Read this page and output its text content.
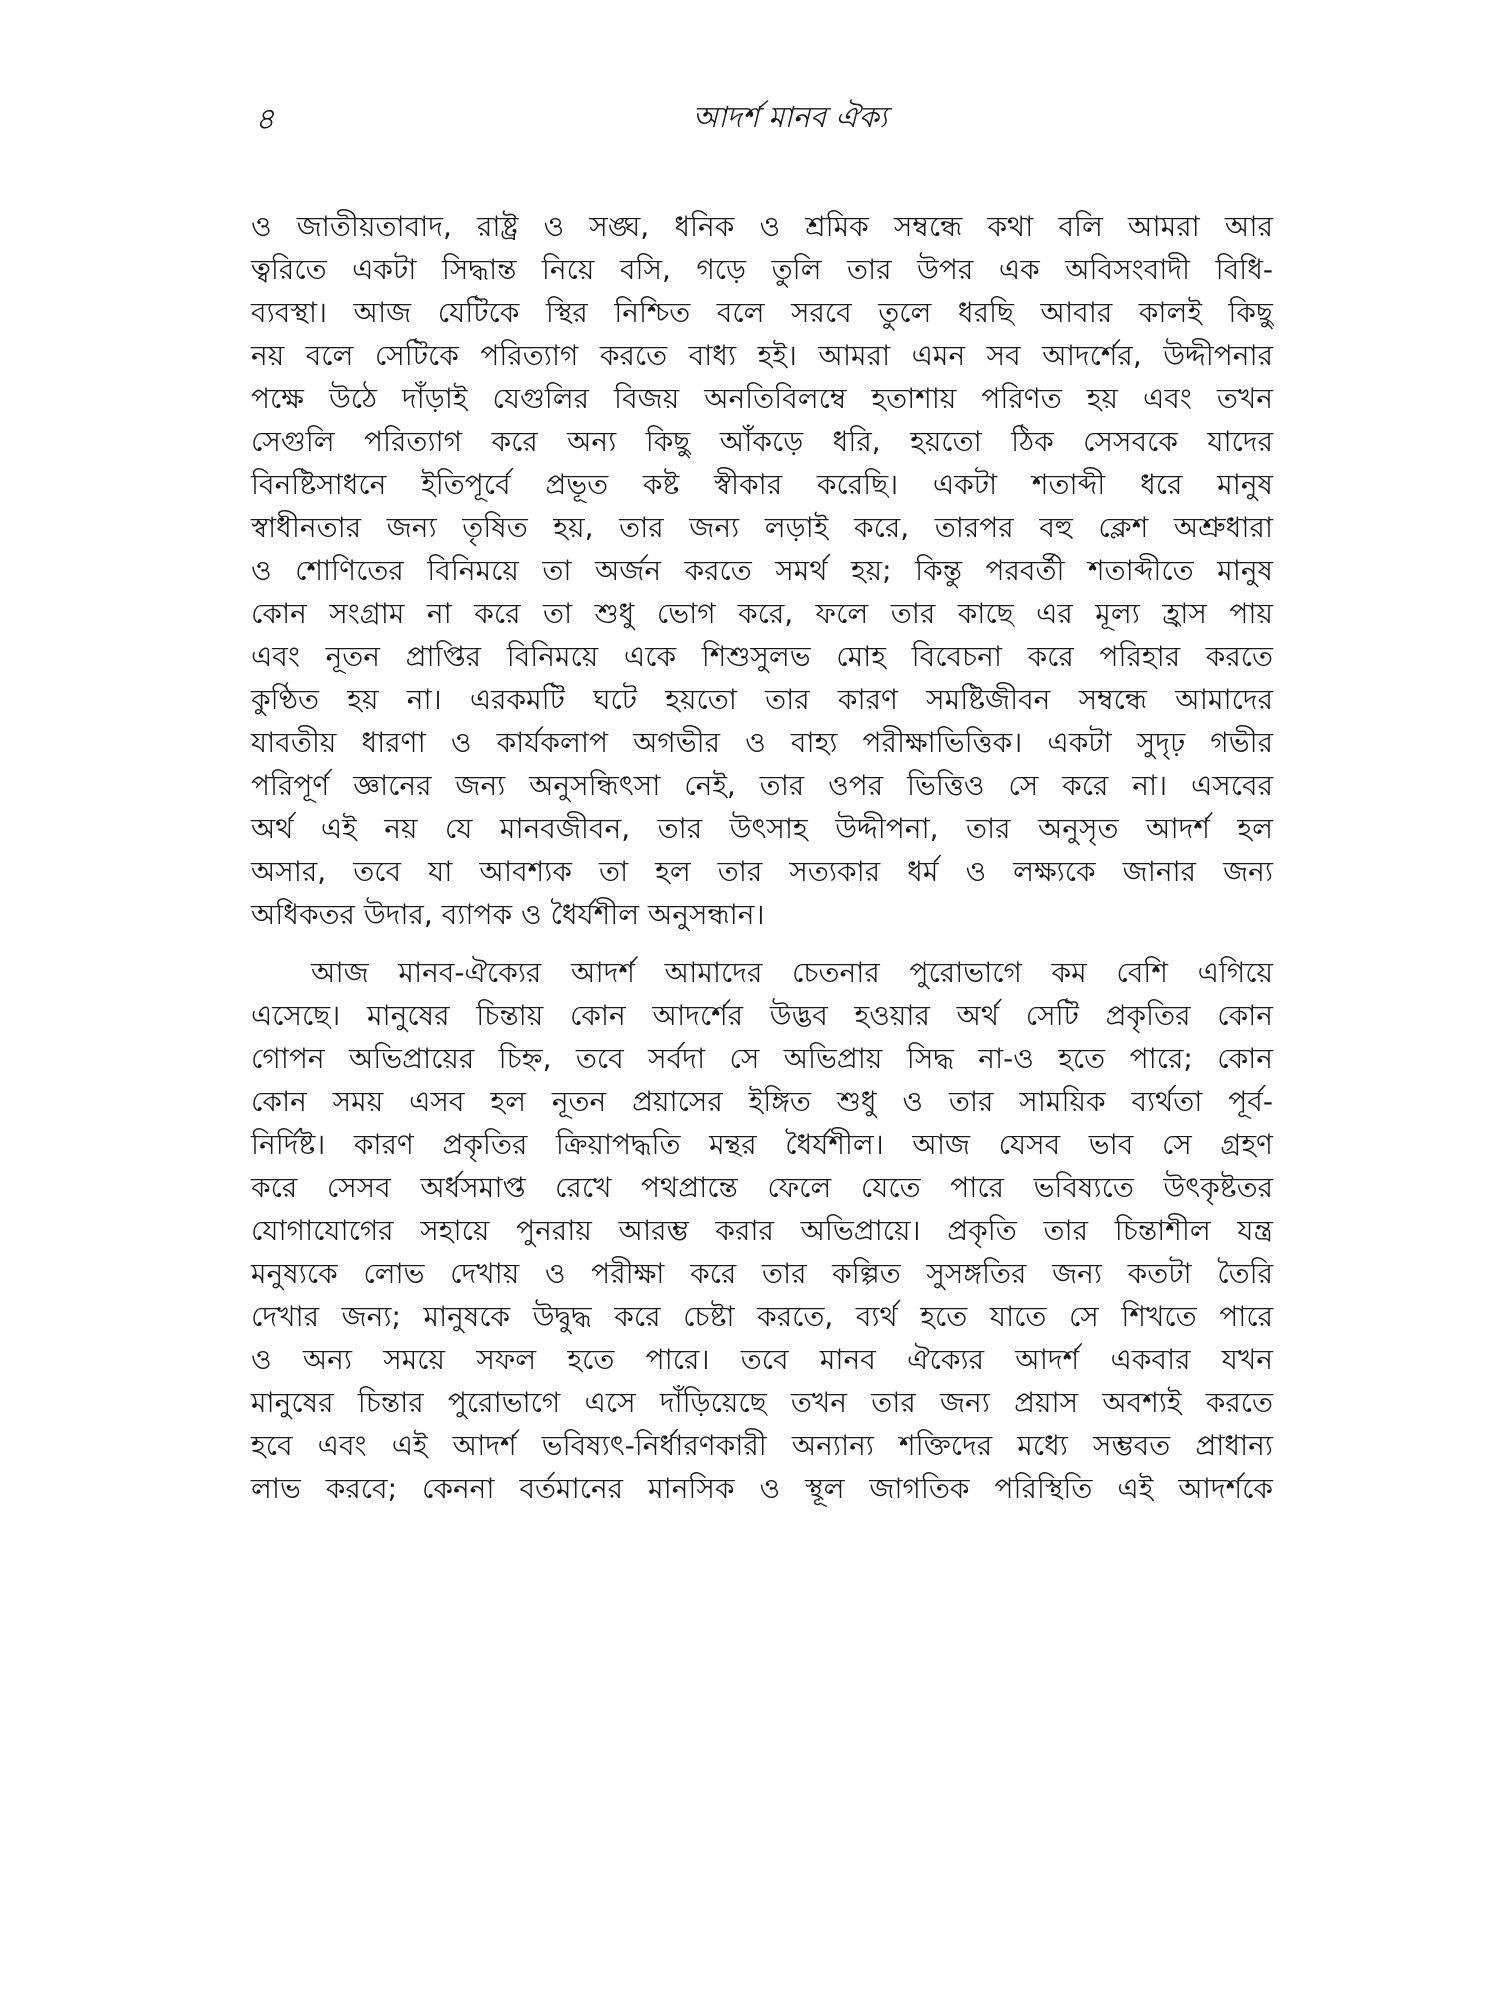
৪	আদর্শ মানব ঐক্য
ও জাতীয়তাবাদ, রাষ্ট্র ও সঙ্ঘ, ধনিক ও শ্রমিক সম্বন্ধে কথা বলি আমরা আর
ত্বরিতে একটা সিদ্ধান্ত নিয়ে বসি, গড়ে তুলি তার উপর এক অবিসংবাদী বিধি-
ব্যবস্থা। আজ যেটিকে স্থির নিশ্চিত বলে সরবে তুলে ধরছি আবার কালই কিছু
নয় বলে সেটিকে পরিত্যাগ করতে বাধ্য হই। আমরা এমন সব আদর্শের, উদ্দীপনার
পক্ষে উঠে দাঁড়াই যেগুলির বিজয় অনতিবিলম্বে হতাশায় পরিণত হয় এবং তখন
সেগুলি পরিত্যাগ করে অন্য কিছু আঁকড়ে ধরি, হয়তো ঠিক সেসবকে যাদের
বিনষ্টিসাধনে ইতিপূর্বে প্রভূত কষ্ট স্বীকার করেছি। একটা শতাব্দী ধরে মানুষ
স্বাধীনতার জন্য তৃষিত হয়, তার জন্য লড়াই করে, তারপর বহু ক্লেশ অশ্রুধারা
ও শোণিতের বিনিময়ে তা অর্জন করতে সমর্থ হয়; কিন্তু পরবর্তী শতাব্দীতে মানুষ
কোন সংগ্রাম না করে তা শুধু ভোগ করে, ফলে তার কাছে এর মূল্য হ্রাস পায়
এবং নূতন প্রাপ্তির বিনিময়ে একে শিশুসুলভ মোহ বিবেচনা করে পরিহার করতে
কুণ্ঠিত হয় না। এরকমটি ঘটে হয়তো তার কারণ সমষ্টিজীবন সম্বন্ধে আমাদের
যাবতীয় ধারণা ও কার্যকলাপ অগভীর ও বাহ্য পরীক্ষাভিত্তিক। একটা সুদৃঢ় গভীর
পরিপূর্ণ জ্ঞানের জন্য অনুসন্ধিৎসা নেই, তার ওপর ভিত্তিও সে করে না। এসবের
অর্থ এই নয় যে মানবজীবন, তার উৎসাহ উদ্দীপনা, তার অনুসৃত আদর্শ হল
অসার, তবে যা আবশ্যক তা হল তার সত্যকার ধর্ম ও লক্ষ্যকে জানার জন্য
অধিকতর উদার, ব্যাপক ও ধৈর্যশীল অনুসন্ধান।
আজ মানব-ঐক্যের আদর্শ আমাদের চেতনার পুরোভাগে কম বেশি এগিয়ে
এসেছে। মানুষের চিন্তায় কোন আদর্শের উদ্ভব হওয়ার অর্থ সেটি প্রকৃতির কোন
গোপন অভিপ্রায়ের চিহ্ন, তবে সর্বদা সে অভিপ্রায় সিদ্ধ না-ও হতে পারে; কোন
কোন সময় এসব হল নূতন প্রয়াসের ইঙ্গিত শুধু ও তার সাময়িক ব্যর্থতা পূর্ব-
নির্দিষ্ট। কারণ প্রকৃতির ক্রিয়াপদ্ধতি মন্থর ধৈর্যশীল। আজ যেসব ভাব সে গ্রহণ
করে সেসব অর্ধসমাপ্ত রেখে পথপ্রান্তে ফেলে যেতে পারে ভবিষ্যতে উৎকৃষ্টতর
যোগাযোগের সহায়ে পুনরায় আরম্ভ করার অভিপ্রায়ে। প্রকৃতি তার চিন্তাশীল যন্ত্র
মনুষ্যকে লোভ দেখায় ও পরীক্ষা করে তার কল্পিত সুসঙ্গতির জন্য কতটা তৈরি
দেখার জন্য; মানুষকে উদ্বুদ্ধ করে চেষ্টা করতে, ব্যর্থ হতে যাতে সে শিখতে পারে
ও অন্য সময়ে সফল হতে পারে। তবে মানব ঐক্যের আদর্শ একবার যখন
মানুষের চিন্তার পুরোভাগে এসে দাঁড়িয়েছে তখন তার জন্য প্রয়াস অবশ্যই করতে
হবে এবং এই আদর্শ ভবিষ্যৎ-নির্ধারণকারী অন্যান্য শক্তিদের মধ্যে সম্ভবত প্রাধান্য
লাভ করবে; কেননা বর্তমানের মানসিক ও স্থূল জাগতিক পরিস্থিতি এই আদর্শকে
